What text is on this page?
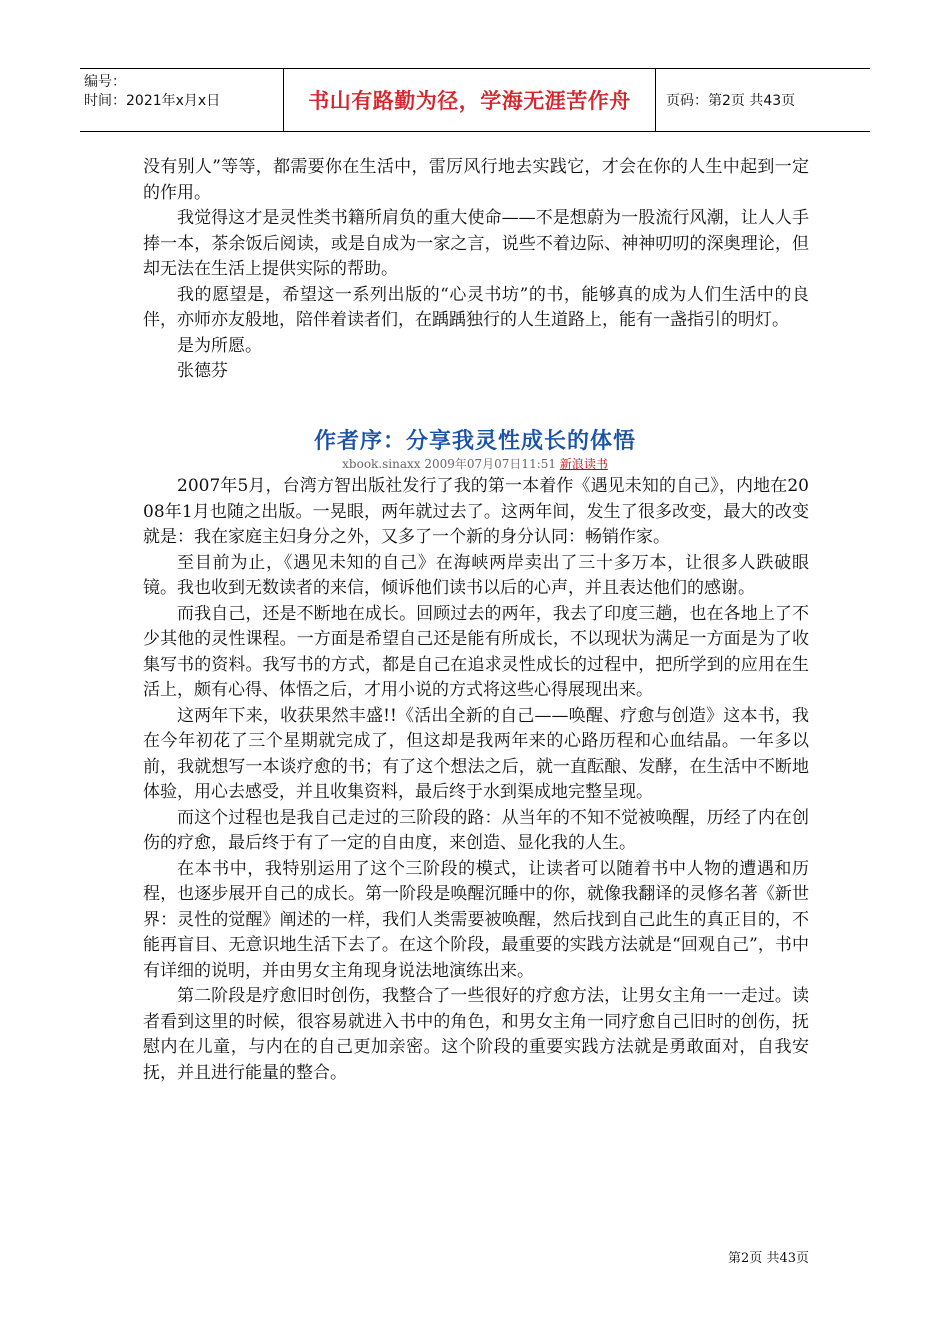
编号：
时间：2021年x月x日	书山有路勤为径，学海无涯苦作舟	页码：第2页 共43页

没有别人”等等，都需要你在生活中，雷厉风行地去实践它，才会在你的人生中起到一定的作用。

我觉得这才是灵性类书籍所肩负的重大使命——不是想蔚为一股流行风潮，让人人手捧一本，茶余饭后阅读，或是自成为一家之言，说些不着边际、神神叨叨的深奥理论，但却无法在生活上提供实际的帮助。

我的愿望是，希望这一系列出版的“心灵书坊”的书，能够真的成为人们生活中的良伴，亦师亦友般地，陪伴着读者们，在踽踽独行的人生道路上，能有一盏指引的明灯。

是为所愿。

张德芬

作者序：分享我灵性成长的体悟
xbook.sinaxx 2009年07月07日11:51 新浪读书

2007年5月，台湾方智出版社发行了我的第一本着作《遇见未知的自己》，内地在2008年1月也随之出版。一晃眼，两年就过去了。这两年间，发生了很多改变，最大的改变就是：我在家庭主妇身分之外，又多了一个新的身分认同：畅销作家。

至目前为止，《遇见未知的自己》在海峡两岸卖出了三十多万本，让很多人跌破眼镜。我也收到无数读者的来信，倾诉他们读书以后的心声，并且表达他们的感谢。

而我自己，还是不断地在成长。回顾过去的两年，我去了印度三趟，也在各地上了不少其他的灵性课程。一方面是希望自己还是能有所成长，不以现状为满足一方面是为了收集写书的资料。我写书的方式，都是自己在追求灵性成长的过程中，把所学到的应用在生活上，颇有心得、体悟之后，才用小说的方式将这些心得展现出来。

这两年下来，收获果然丰盛!!《活出全新的自己——唤醒、疗愈与创造》这本书，我在今年初花了三个星期就完成了，但这却是我两年来的心路历程和心血结晶。一年多以前，我就想写一本谈疗愈的书；有了这个想法之后，就一直酝酿、发酵，在生活中不断地体验，用心去感受，并且收集资料，最后终于水到渠成地完整呈现。

而这个过程也是我自己走过的三阶段的路：从当年的不知不觉被唤醒，历经了内在创伤的疗愈，最后终于有了一定的自由度，来创造、显化我的人生。

在本书中，我特别运用了这个三阶段的模式，让读者可以随着书中人物的遭遇和历程，也逐步展开自己的成长。第一阶段是唤醒沉睡中的你，就像我翻译的灵修名著《新世界：灵性的觉醒》阐述的一样，我们人类需要被唤醒，然后找到自己此生的真正目的，不能再盲目、无意识地生活下去了。在这个阶段，最重要的实践方法就是“回观自己”，书中有详细的说明，并由男女主角现身说法地演练出来。

第二阶段是疗愈旧时创伤，我整合了一些很好的疗愈方法，让男女主角一一走过。读者看到这里的时候，很容易就进入书中的角色，和男女主角一同疗愈自己旧时的创伤，抚慰内在儿童，与内在的自己更加亲密。这个阶段的重要实践方法就是勇敢面对，自我安抚，并且进行能量的整合。

第2页 共43页
